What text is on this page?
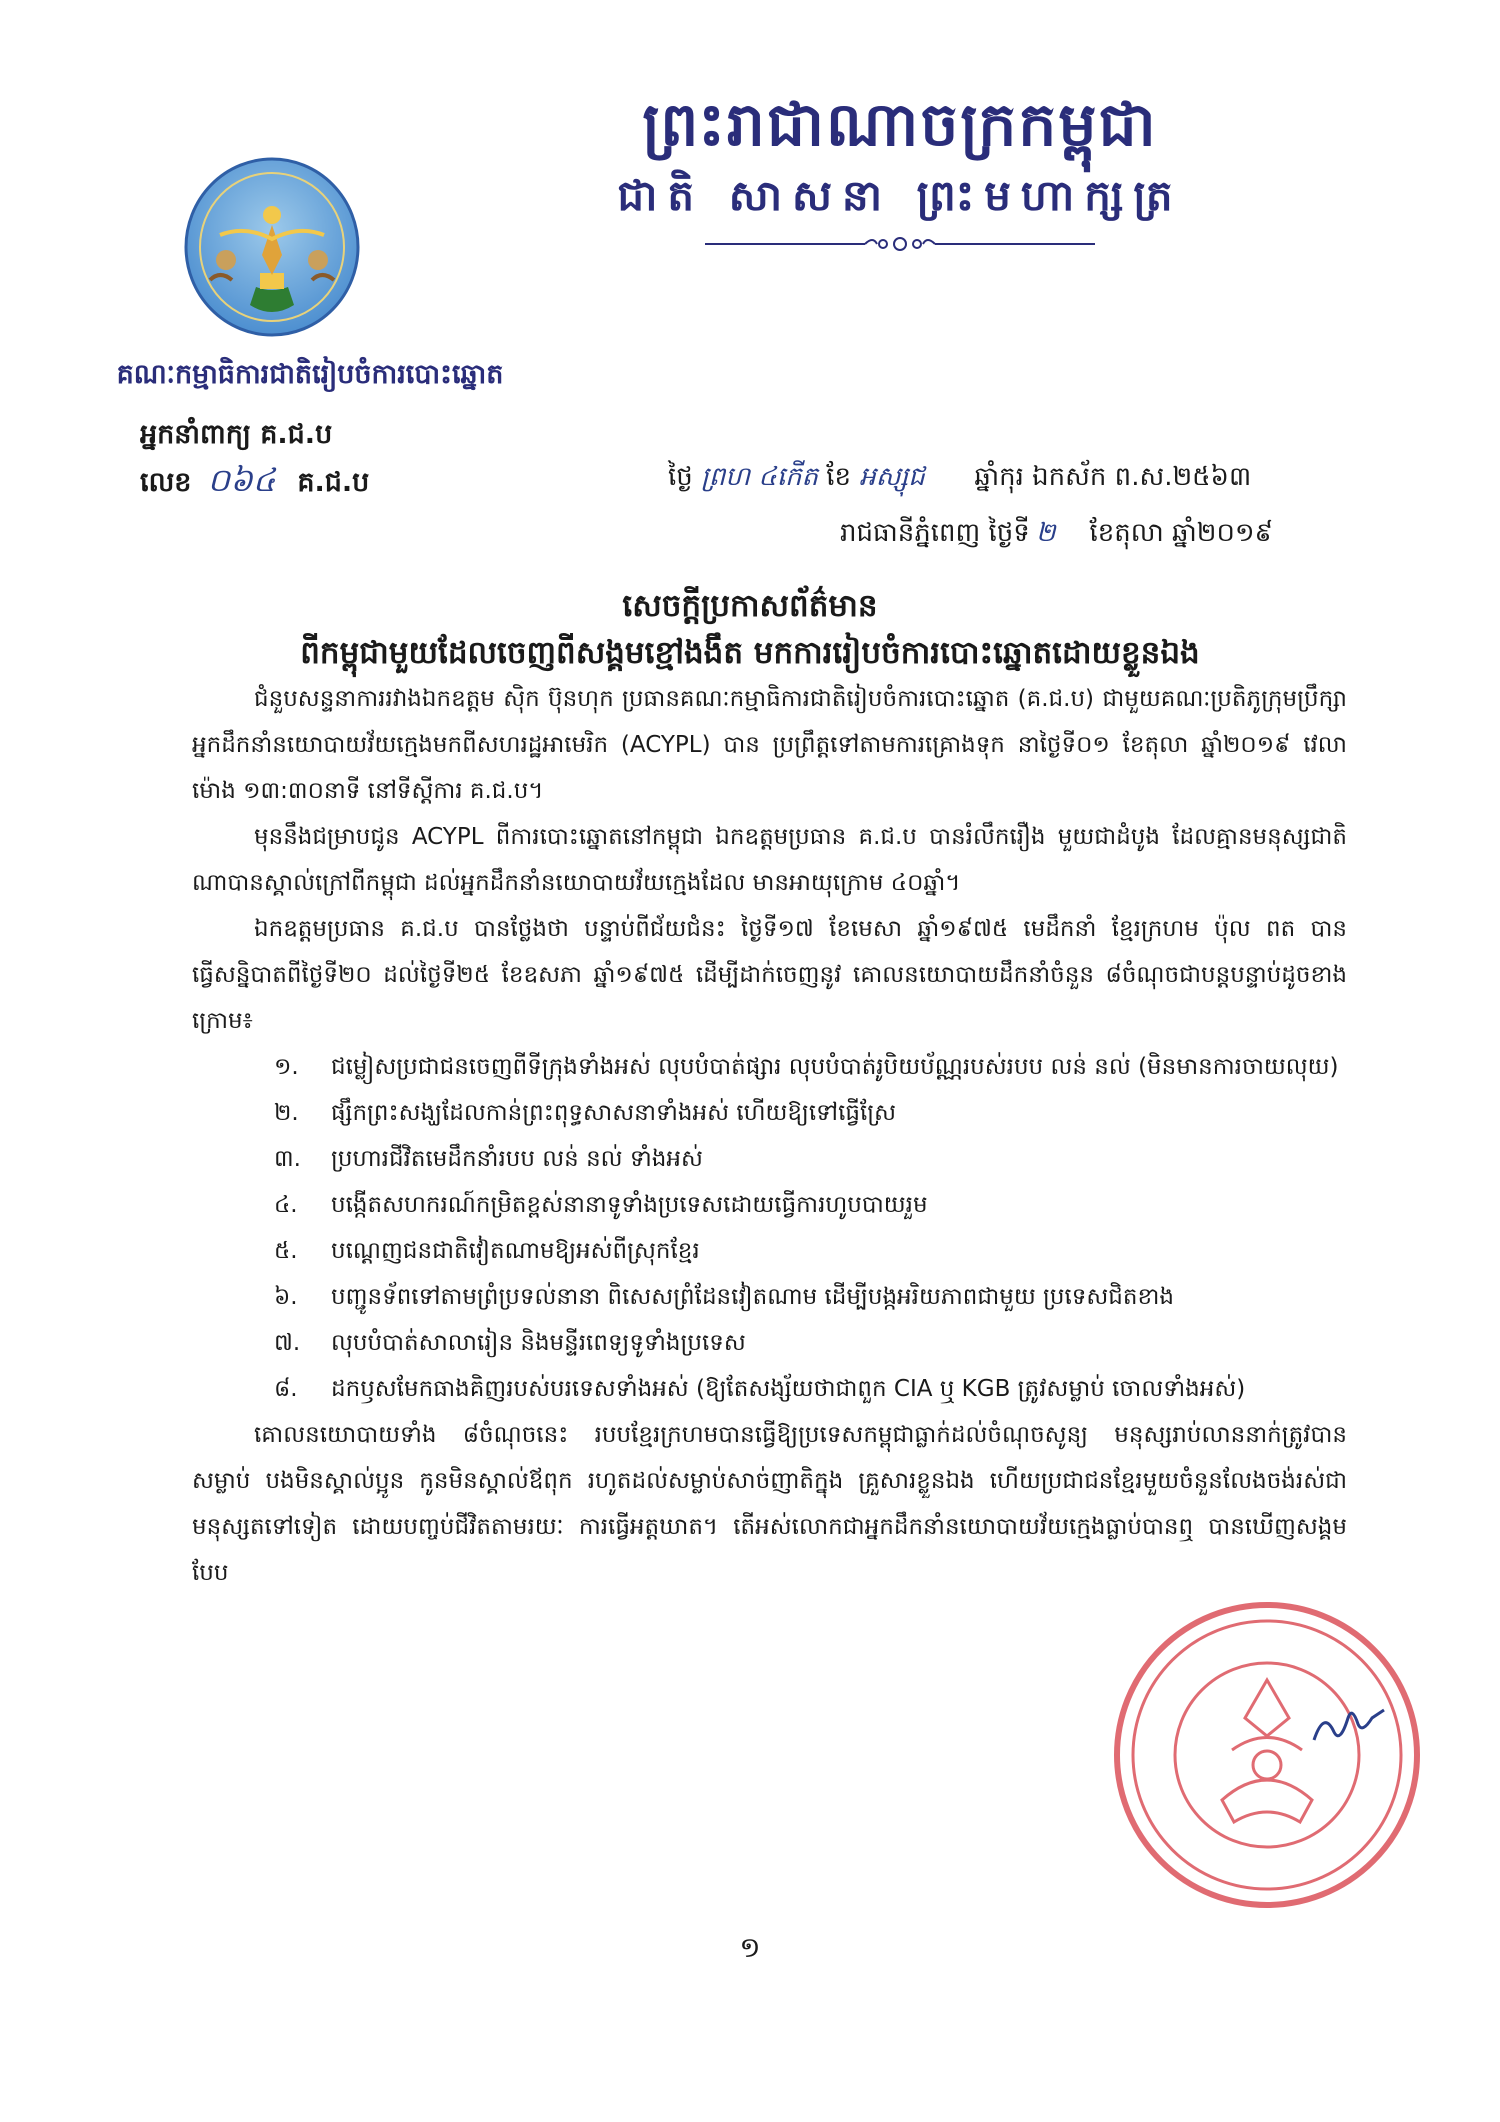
ព្រះរាជាណាចក្រកម្ពុជា
ជាតិ សាសនា ព្រះមហាក្សត្រ
គណៈកម្មាធិការជាតិរៀបចំការបោះឆ្នោត
អ្នកនាំពាក្យ គ.ជ.ប
លេខ ០៦៤ គ.ជ.ប	ថ្ងៃ ព្រហ ៤កើត ខែ អស្សុជ ឆ្នាំកុរ ឯកស័ក ព.ស.២៥៦៣
រាជធានីភ្នំពេញ ថ្ងៃទី ២ ខែតុលា ឆ្នាំ២០១៩
សេចក្តីប្រកាសព័ត៌មាន
ពីកម្ពុជាមួយដែលចេញពីសង្គមខ្មៅងងឹត មកការរៀបចំការបោះឆ្នោតដោយខ្លួនឯង

ជំនួបសន្ទនាការរវាងឯកឧត្តម ស៊ិក ប៊ុនហុក ប្រធានគណៈកម្មាធិការជាតិរៀបចំការបោះឆ្នោត (គ.ជ.ប) ជាមួយគណៈប្រតិភូក្រុមប្រឹក្សាអ្នកដឹកនាំនយោបាយវ័យក្មេងមកពីសហរដ្ឋអាមេរិក (ACYPL) បាន ប្រព្រឹត្តទៅតាមការគ្រោងទុក នាថ្ងៃទី០១ ខែតុលា ឆ្នាំ២០១៩ វេលាម៉ោង ១៣:៣០នាទី នៅទីស្តីការ គ.ជ.ប។

មុននឹងជម្រាបជូន ACYPL ពីការបោះឆ្នោតនៅកម្ពុជា ឯកឧត្តមប្រធាន គ.ជ.ប បានរំលឹករឿង មួយជាដំបូង ដែលគ្មានមនុស្សជាតិណាបានស្គាល់ក្រៅពីកម្ពុជា ដល់អ្នកដឹកនាំនយោបាយវ័យក្មេងដែល មានអាយុក្រោម ៤០ឆ្នាំ។

ឯកឧត្តមប្រធាន គ.ជ.ប បានថ្លែងថា បន្ទាប់ពីជ័យជំនះ ថ្ងៃទី១៧ ខែមេសា ឆ្នាំ១៩៧៥ មេដឹកនាំ ខ្មែរក្រហម ប៉ុល ពត បានធ្វើសន្និបាតពីថ្ងៃទី២០ ដល់ថ្ងៃទី២៥ ខែឧសភា ឆ្នាំ១៩៧៥ ដើម្បីដាក់ចេញនូវ គោលនយោបាយដឹកនាំចំនួន ៨ចំណុចជាបន្តបន្ទាប់ដូចខាងក្រោម៖

១. ជម្លៀសប្រជាជនចេញពីទីក្រុងទាំងអស់ លុបបំបាត់ផ្សារ លុបបំបាត់រូបិយប័ណ្ណរបស់របប លន់ នល់ (មិនមានការចាយលុយ)
២. ផ្សឹកព្រះសង្ឃដែលកាន់ព្រះពុទ្ធសាសនាទាំងអស់ ហើយឱ្យទៅធ្វើស្រែ
៣. ប្រហារជីវិតមេដឹកនាំរបប លន់ នល់ ទាំងអស់
៤. បង្កើតសហករណ៍កម្រិតខ្ពស់នានាទូទាំងប្រទេសដោយធ្វើការហូបបាយរួម
៥. បណ្តេញជនជាតិវៀតណាមឱ្យអស់ពីស្រុកខ្មែរ
៦. បញ្ជូនទ័ពទៅតាមព្រំប្រទល់នានា ពិសេសព្រំដែនវៀតណាម ដើម្បីបង្កអរិយភាពជាមួយ ប្រទេសជិតខាង
៧. លុបបំបាត់សាលារៀន និងមន្ទីរពេទ្យទូទាំងប្រទេស
៨. ដកឫសមែកធាងគិញរបស់បរទេសទាំងអស់ (ឱ្យតែសង្ស័យថាជាពួក CIA ឬ KGB ត្រូវសម្លាប់ ចោលទាំងអស់)

គោលនយោបាយទាំង ៨ចំណុចនេះ របបខ្មែរក្រហមបានធ្វើឱ្យប្រទេសកម្ពុជាធ្លាក់ដល់ចំណុចសូន្យ មនុស្សរាប់លាននាក់ត្រូវបានសម្លាប់ បងមិនស្គាល់ប្អូន កូនមិនស្គាល់ឪពុក រហូតដល់សម្លាប់សាច់ញាតិក្នុង គ្រួសារខ្លួនឯង ហើយប្រជាជនខ្មែរមួយចំនួនលែងចង់រស់ជាមនុស្សតទៅទៀត ដោយបញ្ចប់ជីវិតតាមរយៈ ការធ្វើអត្តឃាត។ តើអស់លោកជាអ្នកដឹកនាំនយោបាយវ័យក្មេងធ្លាប់បានឮ បានឃើញសង្គមបែប

១
